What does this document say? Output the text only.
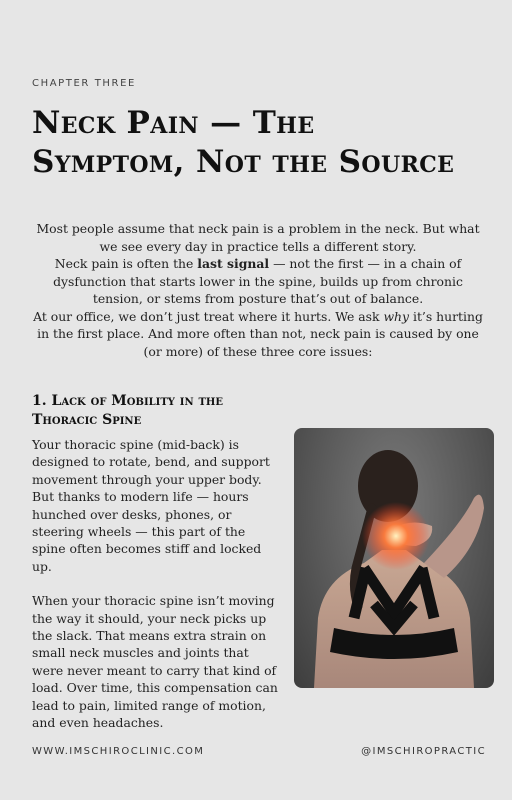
CHAPTER THREE
Neck Pain — The Symptom, Not the Source

Most people assume that neck pain is a problem in the neck. But what we see every day in practice tells a different story.

Neck pain is often the last signal — not the first — in a chain of dysfunction that starts lower in the spine, builds up from chronic tension, or stems from posture that’s out of balance.

At our office, we don’t just treat where it hurts. We ask why it’s hurting in the first place. And more often than not, neck pain is caused by one (or more) of these three core issues:

1. Lack of Mobility in the Thoracic Spine

Your thoracic spine (mid-back) is designed to rotate, bend, and support movement through your upper body. But thanks to modern life — hours hunched over desks, phones, or steering wheels — this part of the spine often becomes stiff and locked up.

When your thoracic spine isn’t moving the way it should, your neck picks up the slack. That means extra strain on small neck muscles and joints that were never meant to carry that kind of load. Over time, this compensation can lead to pain, limited range of motion, and even headaches.

WWW.IMSCHIROCLINIC.COM	@IMSCHIROPRACTIC
